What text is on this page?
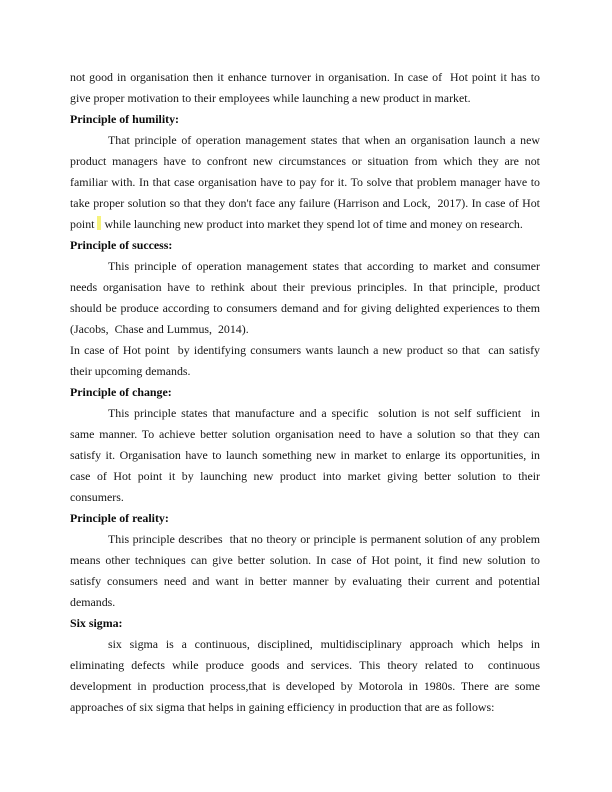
not good in organisation then it enhance turnover in organisation. In case of  Hot point it has to
give proper motivation to their employees while launching a new product in market.
Principle of humility:
That principle of operation management states that when an organisation launch a new
product managers have to confront new circumstances or situation from which they are not
familiar with. In that case organisation have to pay for it. To solve that problem manager have to
take proper solution so that they don't face any failure (Harrison and Lock,  2017). In case of Hot
point while launching new product into market they spend lot of time and money on research.
Principle of success:
This principle of operation management states that according to market and consumer
needs organisation have to rethink about their previous principles. In that principle, product
should be produce according to consumers demand and for giving delighted experiences to them
(Jacobs,  Chase and Lummus,  2014).
In case of Hot point  by identifying consumers wants launch a new product so that  can satisfy
their upcoming demands.
Principle of change:
This principle states that manufacture and a specific  solution is not self sufficient  in
same manner. To achieve better solution organisation need to have a solution so that they can
satisfy it. Organisation have to launch something new in market to enlarge its opportunities, in
case of Hot point it by launching new product into market giving better solution to their
consumers.
Principle of reality:
This principle describes  that no theory or principle is permanent solution of any problem
means other techniques can give better solution. In case of Hot point, it find new solution to
satisfy consumers need and want in better manner by evaluating their current and potential
demands.
Six sigma:
six sigma is a continuous, disciplined, multidisciplinary approach which helps in
eliminating defects while produce goods and services. This theory related to  continuous
development in production process,that is developed by Motorola in 1980s. There are some
approaches of six sigma that helps in gaining efficiency in production that are as follows:
